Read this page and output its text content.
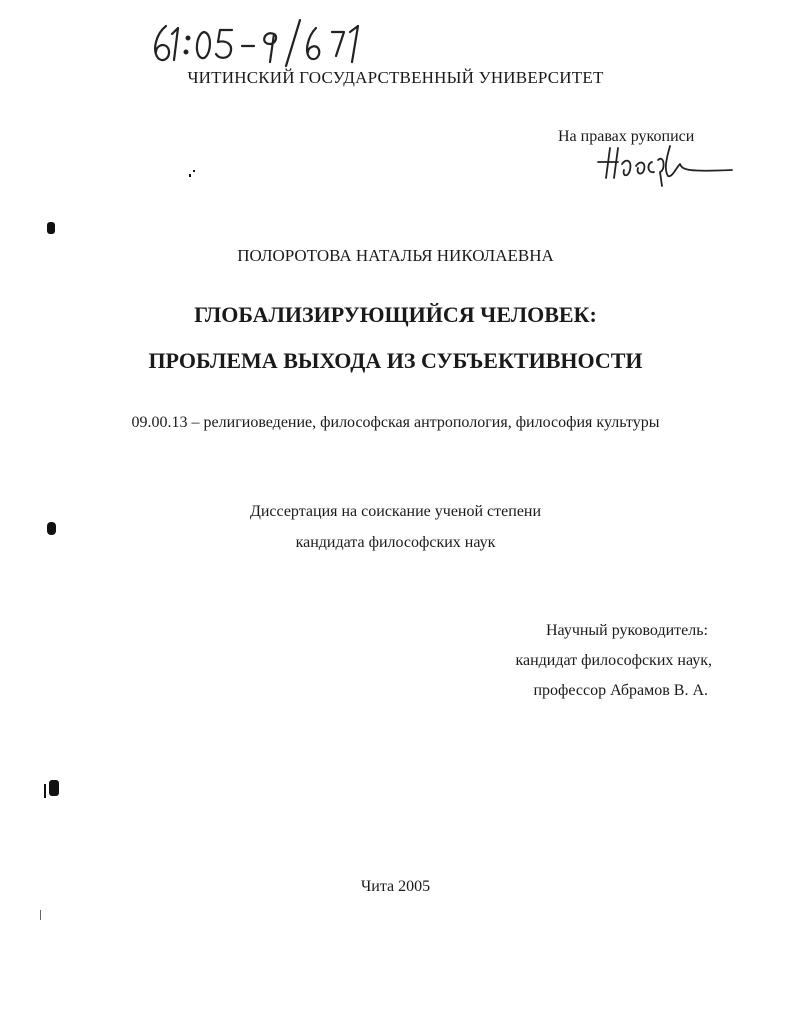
ЧИТИНСКИЙ ГОСУДАРСТВЕННЫЙ УНИВЕРСИТЕТ
На правах рукописи
ПОЛОРОТОВА НАТАЛЬЯ НИКОЛАЕВНА
ГЛОБАЛИЗИРУЮЩИЙСЯ ЧЕЛОВЕК:
ПРОБЛЕМА ВЫХОДА ИЗ СУБЪЕКТИВНОСТИ
09.00.13 – религиоведение, философская антропология, философия культуры
Диссертация на соискание ученой степени
кандидата философских наук
Научный руководитель:
кандидат философских наук,
профессор Абрамов В. А.
Чита 2005
